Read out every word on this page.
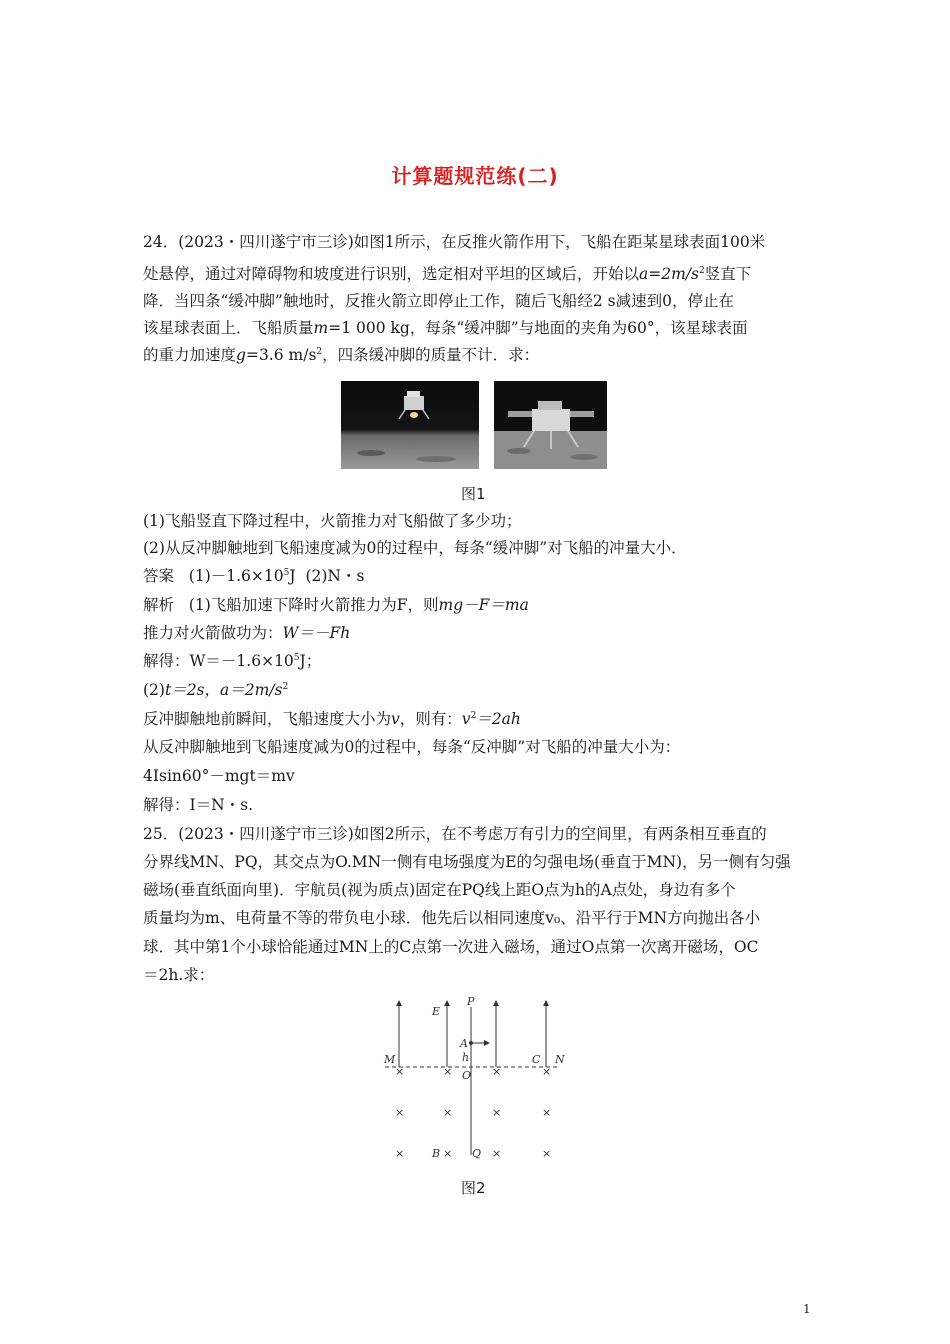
计算题规范练(二)

24．(2023・四川遂宁市三诊)如图1所示，在反推火箭作用下，飞船在距某星球表面100米

处悬停，通过对障碍物和坡度进行识别，选定相对平坦的区域后，开始以$a=2m/s^2$竖直下

降．当四条“缓冲脚”触地时，反推火箭立即停止工作，随后飞船经2 s减速到0，停止在

该星球表面上．飞船质量m=1 000 kg，每条“缓冲脚”与地面的夹角为60°，该星球表面

的重力加速度g=3.6 $m/s^2$，四条缓冲脚的质量不计．求：

图1

(1)飞船竖直下降过程中，火箭推力对飞船做了多少功；

(2)从反冲脚触地到飞船速度减为0的过程中，每条“缓冲脚”对飞船的冲量大小．

答案 $(1)-1.6\times 10^5J$ (2)N・s

解析 (1)飞船加速下降时火箭推力为F，则mg－F＝ma

推力对火箭做功为：W＝－Fh

解得：$W=-1.6\times 10^5J$；

(2)t＝2s，$a=2m/s^2$

反冲脚触地前瞬间，飞船速度大小为v，则有：$v^2=2ah$

从反冲脚触地到飞船速度减为0的过程中，每条“反冲脚”对飞船的冲量大小为：

4Isin60°－mgt＝mv

解得：I＝N・s.

25．(2023・四川遂宁市三诊)如图2所示，在不考虑万有引力的空间里，有两条相互垂直的

分界线MN、PQ，其交点为O.MN一侧有电场强度为E的匀强电场(垂直于MN)，另一侧有匀强

磁场(垂直纸面向里)．宇航员(视为质点)固定在PQ线上距O点为h的A点处，身边有多个

质量均为m、电荷量不等的带负电小球．他先后以相同速度v₀、沿平行于MN方向抛出各小

球．其中第1个小球恰能通过MN上的C点第一次进入磁场，通过O点第一次离开磁场，OC

＝2h.求：

×	×	×	×
×	×	×	×
×	×	×	×
E
P
A
h
M
O
C N
B	Q
图2
1
